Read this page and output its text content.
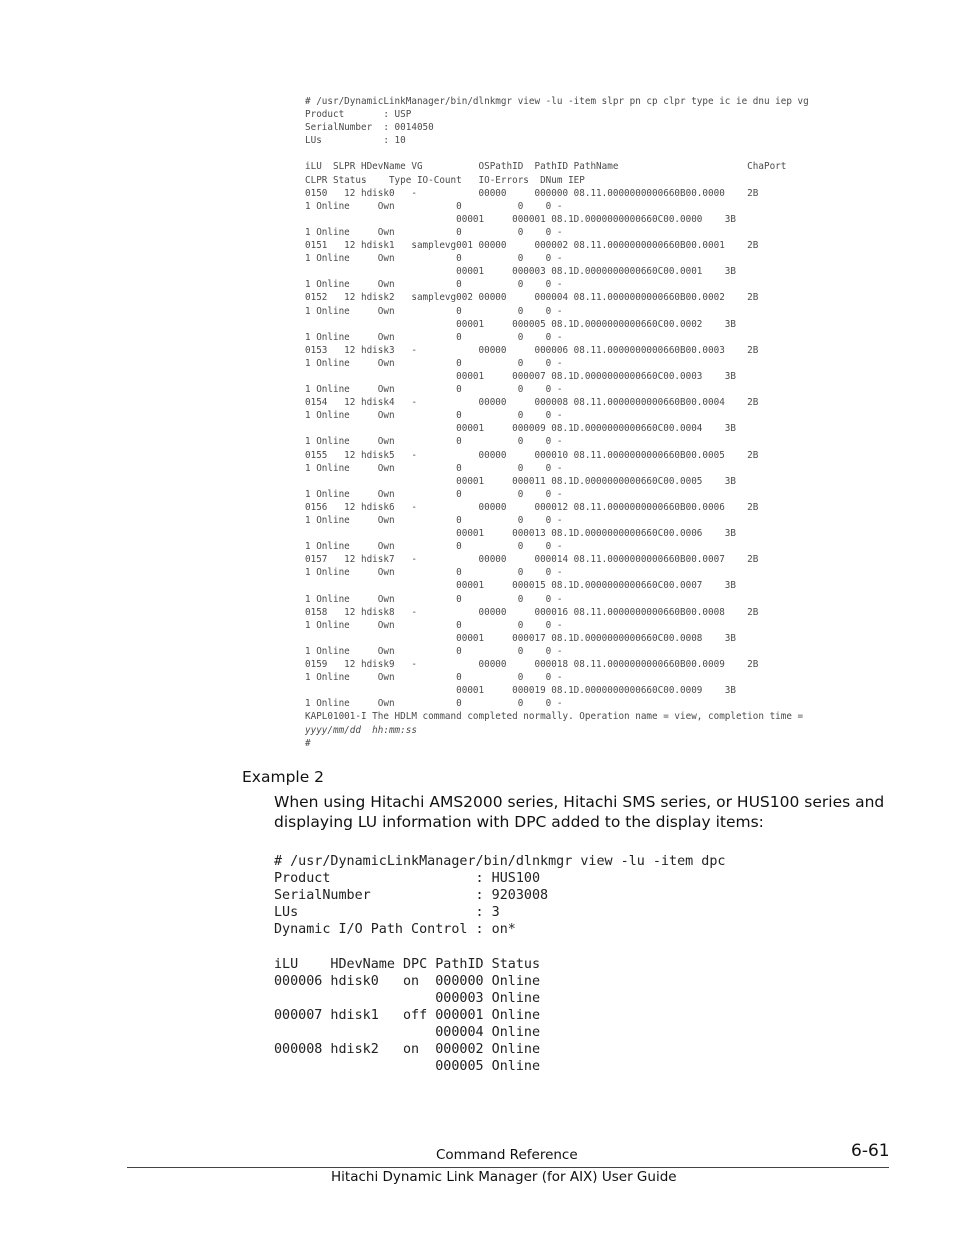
# /usr/DynamicLinkManager/bin/dlnkmgr view -lu -item slpr pn cp clpr type ic ie dnu iep vg
Product       : USP
SerialNumber  : 0014050
LUs           : 10

iLU  SLPR HDevName VG          OSPathID  PathID PathName                       ChaPort
CLPR Status    Type IO-Count   IO-Errors  DNum IEP
0150   12 hdisk0   -           00000     000000 08.11.0000000000660B00.0000    2B
1 Online     Own           0          0    0 -
00001     000001 08.1D.0000000000660C00.0000    3B
1 Online     Own           0          0    0 -
0151   12 hdisk1   samplevg001 00000     000002 08.11.0000000000660B00.0001    2B
1 Online     Own           0          0    0 -
00001     000003 08.1D.0000000000660C00.0001    3B
1 Online     Own           0          0    0 -
0152   12 hdisk2   samplevg002 00000     000004 08.11.0000000000660B00.0002    2B
1 Online     Own           0          0    0 -
00001     000005 08.1D.0000000000660C00.0002    3B
1 Online     Own           0          0    0 -
0153   12 hdisk3   -           00000     000006 08.11.0000000000660B00.0003    2B
1 Online     Own           0          0    0 -
00001     000007 08.1D.0000000000660C00.0003    3B
1 Online     Own           0          0    0 -
0154   12 hdisk4   -           00000     000008 08.11.0000000000660B00.0004    2B
1 Online     Own           0          0    0 -
00001     000009 08.1D.0000000000660C00.0004    3B
1 Online     Own           0          0    0 -
0155   12 hdisk5   -           00000     000010 08.11.0000000000660B00.0005    2B
1 Online     Own           0          0    0 -
00001     000011 08.1D.0000000000660C00.0005    3B
1 Online     Own           0          0    0 -
0156   12 hdisk6   -           00000     000012 08.11.0000000000660B00.0006    2B
1 Online     Own           0          0    0 -
00001     000013 08.1D.0000000000660C00.0006    3B
1 Online     Own           0          0    0 -
0157   12 hdisk7   -           00000     000014 08.11.0000000000660B00.0007    2B
1 Online     Own           0          0    0 -
00001     000015 08.1D.0000000000660C00.0007    3B
1 Online     Own           0          0    0 -
0158   12 hdisk8   -           00000     000016 08.11.0000000000660B00.0008    2B
1 Online     Own           0          0    0 -
00001     000017 08.1D.0000000000660C00.0008    3B
1 Online     Own           0          0    0 -
0159   12 hdisk9   -           00000     000018 08.11.0000000000660B00.0009    2B
1 Online     Own           0          0    0 -
00001     000019 08.1D.0000000000660C00.0009    3B
1 Online     Own           0          0    0 -
KAPL01001-I The HDLM command completed normally. Operation name = view, completion time =
yyyy/mm/dd  hh:mm:ss
#
Example 2

When using Hitachi AMS2000 series, Hitachi SMS series, or HUS100 series and displaying LU information with DPC added to the display items:

# /usr/DynamicLinkManager/bin/dlnkmgr view -lu -item dpc
Product                  : HUS100
SerialNumber             : 9203008
LUs                      : 3
Dynamic I/O Path Control : on*

iLU    HDevName DPC PathID Status
000006 hdisk0   on  000000 Online
000003 Online
000007 hdisk1   off 000001 Online
000004 Online
000008 hdisk2   on  000002 Online
000005 Online
Command Reference	6-61
Hitachi Dynamic Link Manager (for AIX) User Guide
